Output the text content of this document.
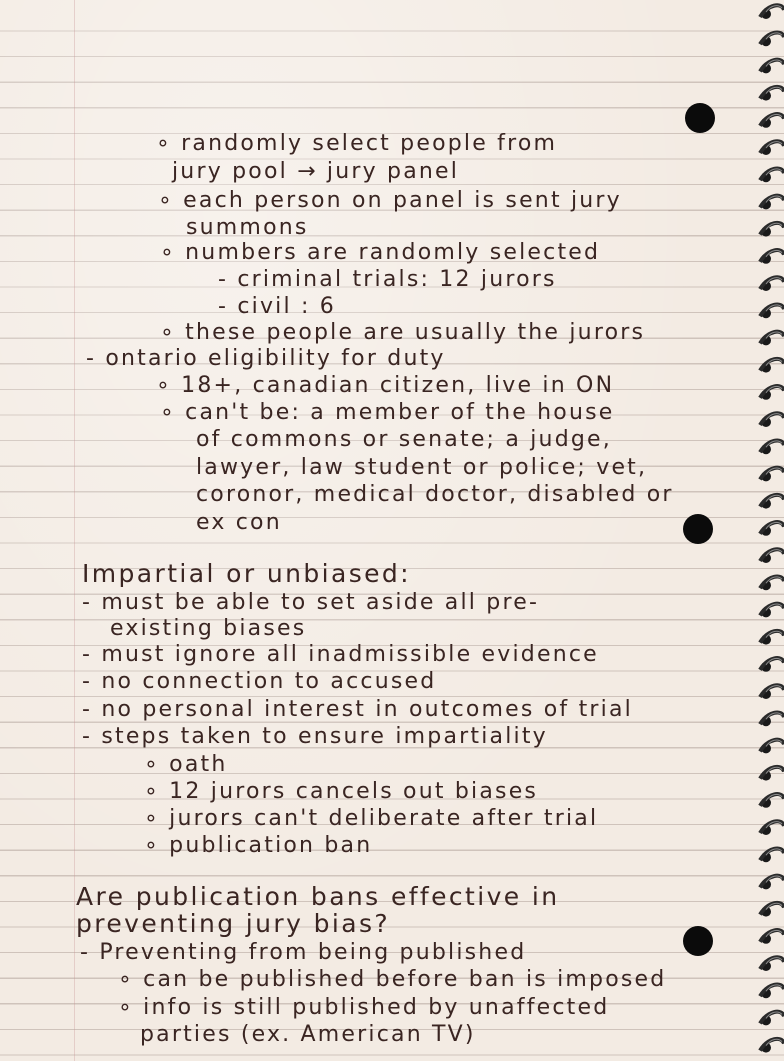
∘ randomly select people from
jury pool → jury panel
∘ each person on panel is sent jury
summons
∘ numbers are randomly selected
- criminal trials: 12 jurors
- civil : 6
∘ these people are usually the jurors
- ontario eligibility for duty
∘ 18+, canadian citizen, live in ON
∘ can't be: a member of the house
of commons or senate; a judge,
lawyer, law student or police; vet,
coronor, medical doctor, disabled or
ex con
Impartial or unbiased:
- must be able to set aside all pre-
existing biases
- must ignore all inadmissible evidence
- no connection to accused
- no personal interest in outcomes of trial
- steps taken to ensure impartiality
∘ oath
∘ 12 jurors cancels out biases
∘ jurors can't deliberate after trial
∘ publication ban
Are publication bans effective in
preventing jury bias?
- Preventing from being published
∘ can be published before ban is imposed
∘ info is still published by unaffected
parties (ex. American TV)
